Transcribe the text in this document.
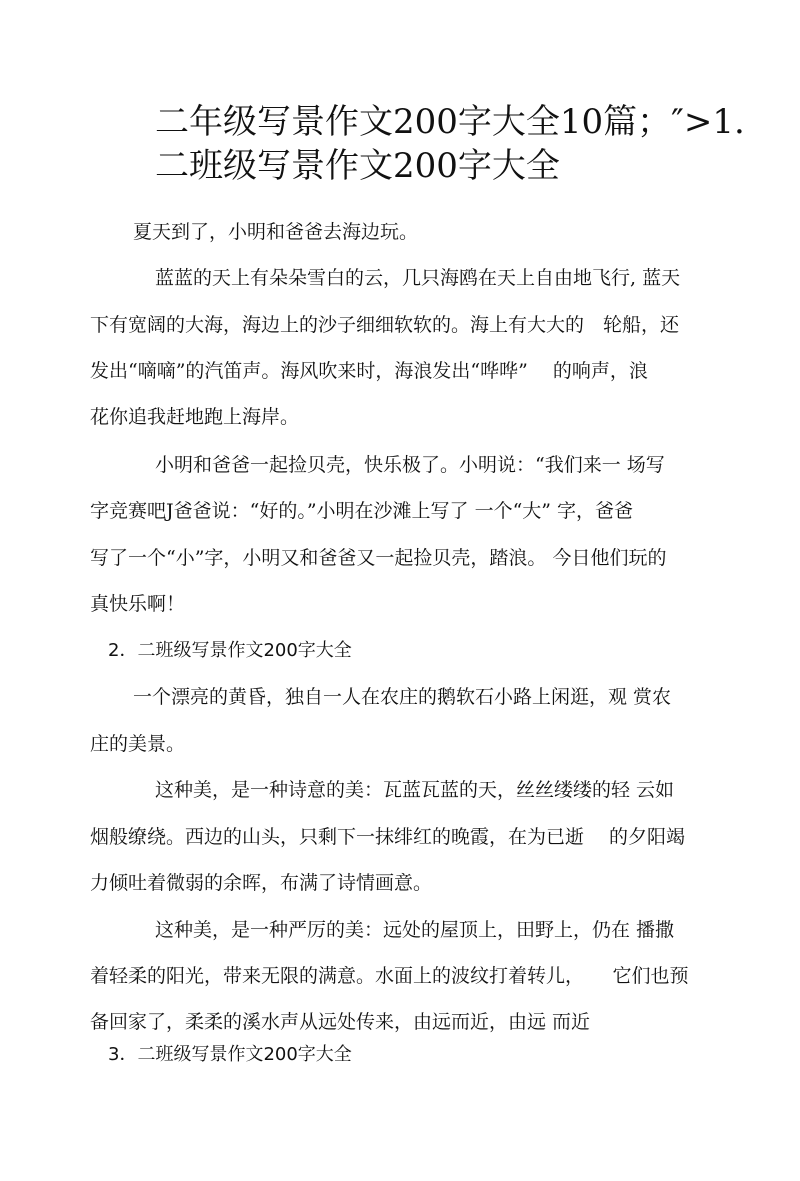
二年级写景作文200字大全10篇；″>1.
二班级写景作文200字大全

夏天到了，小明和爸爸去海边玩。

蓝蓝的天上有朵朵雪白的云，几只海鸥在天上自由地飞行, 蓝天

下有宽阔的大海，海边上的沙子细细软软的。海上有大大的　轮船，还

发出“嘀嘀”的汽笛声。海风吹来时，海浪发出“哗哗”　 的响声，浪

花你追我赶地跑上海岸。

小明和爸爸一起捡贝壳，快乐极了。小明说：“我们来一 场写

字竞赛吧J爸爸说：“好的。”小明在沙滩上写了 一个“大” 字，爸爸

写了一个“小”字，小明又和爸爸又一起捡贝壳，踏浪。 今日他们玩的

真快乐啊！

2．二班级写景作文200字大全

一个漂亮的黄昏，独自一人在农庄的鹅软石小路上闲逛，观 赏农

庄的美景。

这种美，是一种诗意的美：瓦蓝瓦蓝的天，丝丝缕缕的轻 云如

烟般缭绕。西边的山头，只剩下一抹绯红的晚霞，在为已逝　 的夕阳竭

力倾吐着微弱的余晖，布满了诗情画意。

这种美，是一种严厉的美：远处的屋顶上，田野上，仍在 播撒

着轻柔的阳光，带来无限的满意。水面上的波纹打着转儿，　　它们也预

备回家了，柔柔的溪水声从远处传来，由远而近，由远 而近

3．二班级写景作文200字大全
